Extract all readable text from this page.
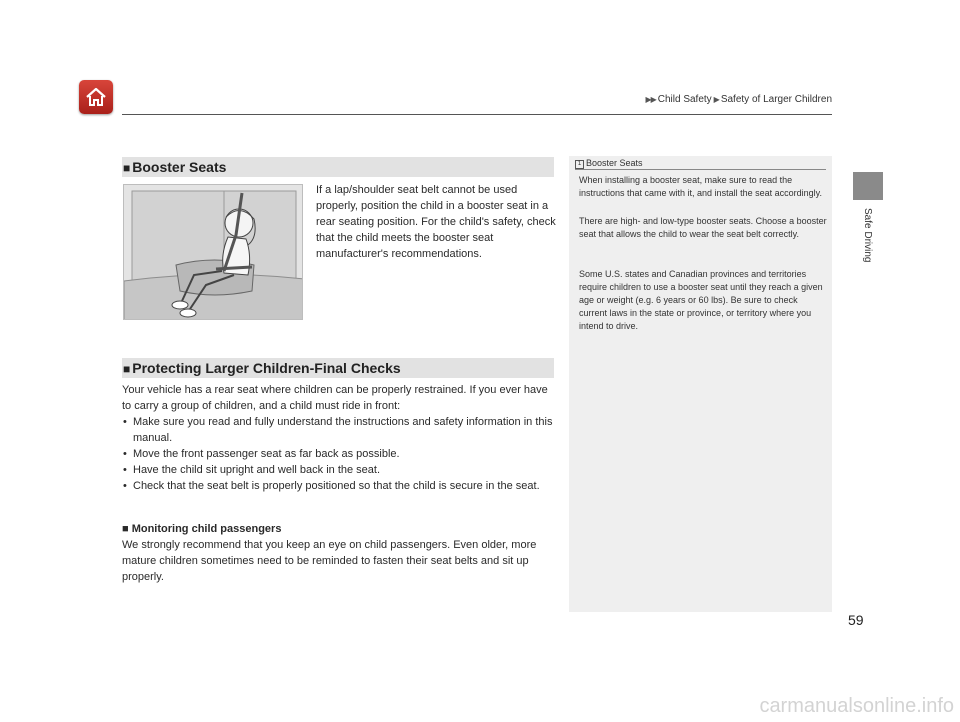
▶▶ Child Safety ▶ Safety of Larger Children
Safe Driving
■ Booster Seats
If a lap/shoulder seat belt cannot be used properly, position the child in a booster seat in a rear seating position. For the child's safety, check that the child meets the booster seat manufacturer's recommendations.
■ Protecting Larger Children-Final Checks
Your vehicle has a rear seat where children can be properly restrained. If you ever have to carry a group of children, and a child must ride in front:
• Make sure you read and fully understand the instructions and safety information in this manual.
• Move the front passenger seat as far back as possible.
• Have the child sit upright and well back in the seat.
• Check that the seat belt is properly positioned so that the child is secure in the seat.
■ Monitoring child passengers
We strongly recommend that you keep an eye on child passengers. Even older, more mature children sometimes need to be reminded to fasten their seat belts and sit up properly.
1 Booster Seats
When installing a booster seat, make sure to read the instructions that came with it, and install the seat accordingly.
There are high- and low-type booster seats. Choose a booster seat that allows the child to wear the seat belt correctly.
Some U.S. states and Canadian provinces and territories require children to use a booster seat until they reach a given age or weight (e.g. 6 years or 60 lbs). Be sure to check current laws in the state or province, or territory where you intend to drive.
59
carmanualsonline.info
